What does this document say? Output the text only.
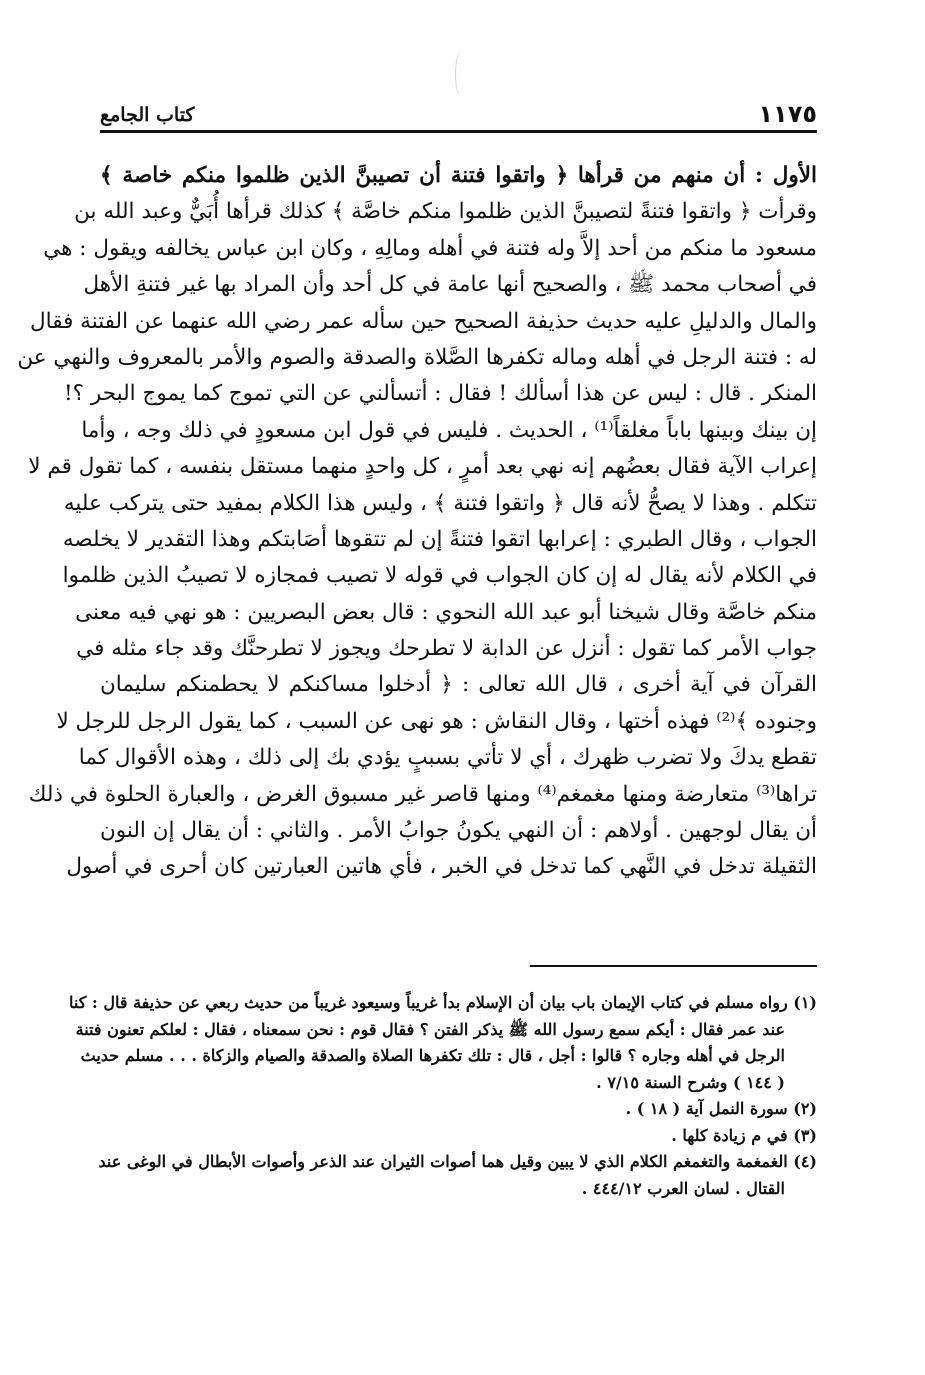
١١٧٥
كتاب الجامع
الأول : أن منهم من قرأها ﴿ واتقوا فتنة أن تصيبنَّ الذين ظلموا منكم خاصة ﴾
وقرأت ﴿ واتقوا فتنةً لتصيبنَّ الذين ظلموا منكم خاصَّة ﴾ كذلك قرأها أُبَيٌّ وعبد الله بن
مسعود ما منكم من أحد إلاَّ وله فتنة في أهله ومالِهِ ، وكان ابن عباس يخالفه ويقول : هي
في أصحاب محمد ﷺ ، والصحيح أنها عامة في كل أحد وأن المراد بها غير فتنةِ الأهل
والمال والدليلِ عليه حديث حذيفة الصحيح حين سأله عمر رضي الله عنهما عن الفتنة فقال
له : فتنة الرجل في أهله وماله تكفرها الصَّلاة والصدقة والصوم والأمر بالمعروف والنهي عن
المنكر . قال : ليس عن هذا أسألك ! فقال : أتسألني عن التي تموج كما يموج البحر ؟!
إن بينك وبينها باباً مغلقاً⁽¹⁾ ، الحديث . فليس في قول ابن مسعودٍ في ذلك وجه ، وأما
إعراب الآية فقال بعضُهم إنه نهي بعد أمرٍ ، كل واحدٍ منهما مستقل بنفسه ، كما تقول قم لا
تتكلم . وهذا لا يصحُّ لأنه قال ﴿ واتقوا فتنة ﴾ ، وليس هذا الكلام بمفيد حتى يترکب عليه
الجواب ، وقال الطبري : إعرابها اتقوا فتنةً إن لم تتقوها أصَابتكم وهذا التقدير لا يخلصه
في الكلام لأنه يقال له إن كان الجواب في قوله لا تصيب فمجازه لا تصيبُ الذين ظلموا
منكم خاصَّة وقال شيخنا أبو عبد الله النحوي : قال بعض البصريين : هو نهي فيه معنى
جواب الأمر كما تقول : أنزل عن الدابة لا تطرحك ويجوز لا تطرحنَّك وقد جاء مثله في
القرآن في آية أخرى ، قال الله تعالى : ﴿ أدخلوا مساكنكم لا يحطمنكم سليمان
وجنوده ﴾⁽²⁾ فهذه أختها ، وقال النقاش : هو نهى عن السبب ، كما يقول الرجل للرجل لا
تقطع يدكَ ولا تضرب ظهرك ، أي لا تأتي بسببٍ يؤدي بك إلى ذلك ، وهذه الأقوال كما
تراها⁽³⁾ متعارضة ومنها مغمغم⁽⁴⁾ ومنها قاصر غير مسبوق الغرض ، والعبارة الحلوة في ذلك
أن يقال لوجهين . أولاهم : أن النهي يكونُ جوابُ الأمر . والثاني : أن يقال إن النون
الثقيلة تدخل في النَّهي كما تدخل في الخبر ، فأي هاتين العبارتين كان أحرى في أصول
(١) رواه مسلم في كتاب الإيمان باب بيان أن الإسلام بدأ غريباً وسيعود غريباً من حديث ربعي عن حذيفة قال : كنا
عند عمر فقال : أيكم سمع رسول الله ﷺ يذكر الفتن ؟ فقال قوم : نحن سمعناه ، فقال : لعلكم تعنون فتنة
الرجل في أهله وجاره ؟ قالوا : أجل ، قال : تلك تكفرها الصلاة والصدقة والصيام والزكاة . . . مسلم حديث
( ١٤٤ ) وشرح السنة ٧/١٥ .
(٢) سورة النمل آية ( ١٨ ) .
(٣) في م زيادة كلها .
(٤) الغمغمة والتغمغم الكلام الذي لا يبين وقيل هما أصوات الثيران عند الذعر وأصوات الأبطال في الوغى عند
القتال . لسان العرب ٤٤٤/١٢ .
